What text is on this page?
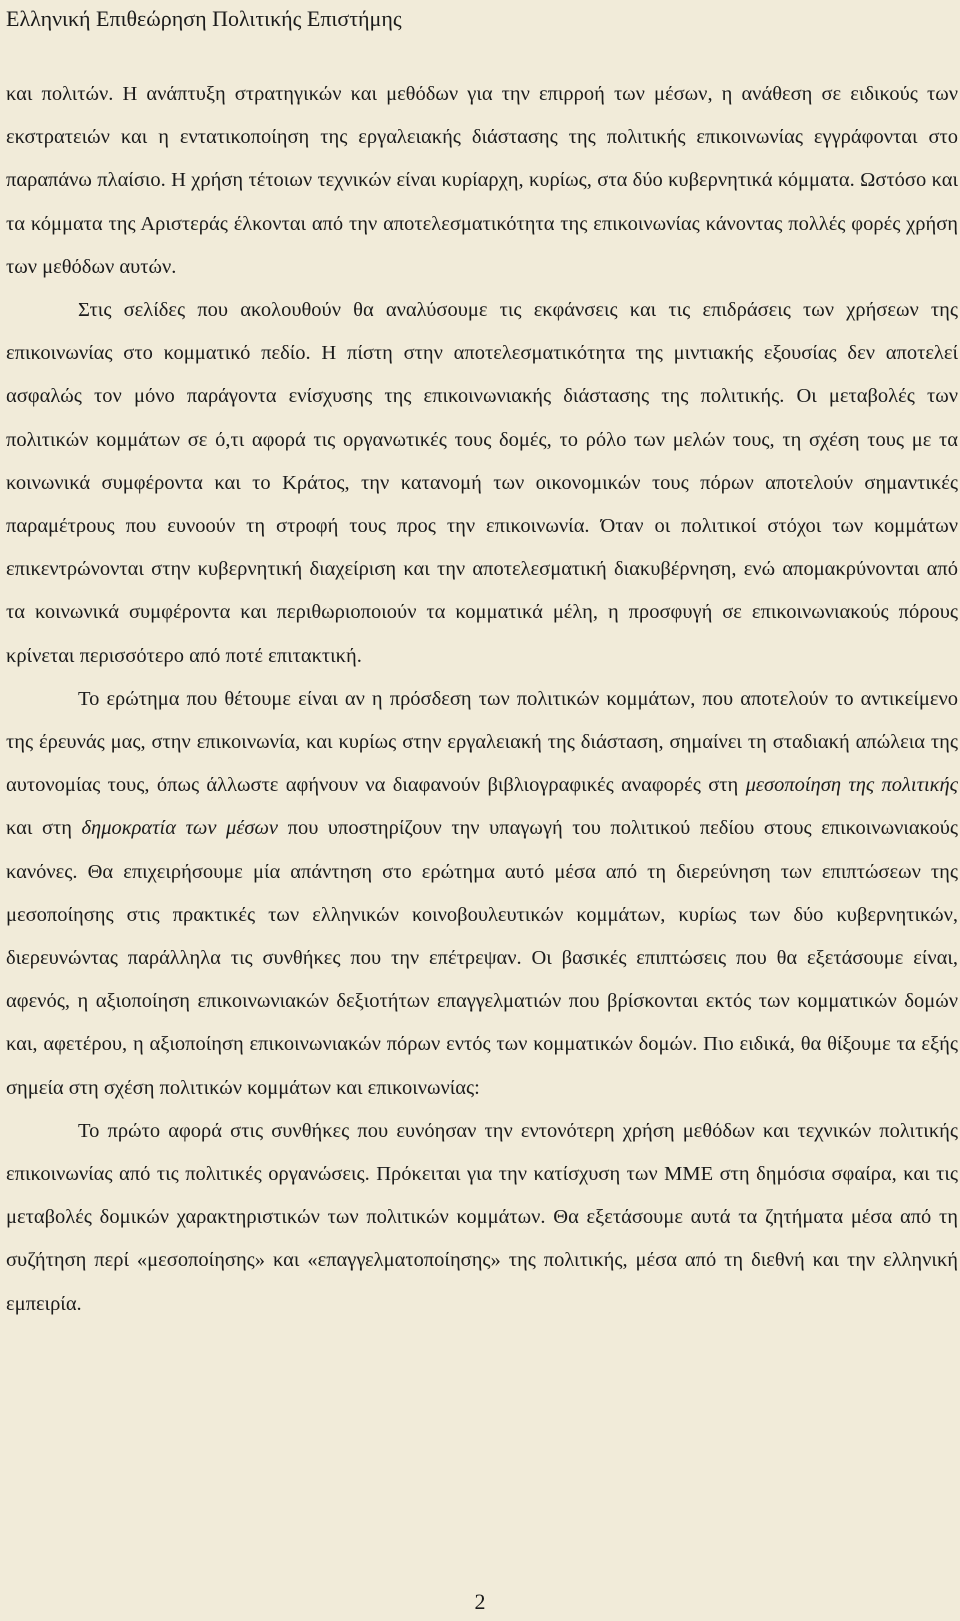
Ελληνική Επιθεώρηση Πολιτικής Επιστήμης

και πολιτών. Η ανάπτυξη στρατηγικών και μεθόδων για την επιρροή των μέσων, η ανάθεση σε ειδικούς των εκστρατειών και η εντατικοποίηση της εργαλειακής διάστασης της πολιτικής επικοινωνίας εγγράφονται στο παραπάνω πλαίσιο. Η χρήση τέτοιων τεχνικών είναι κυρίαρχη, κυρίως, στα δύο κυβερνητικά κόμματα. Ωστόσο και τα κόμματα της Αριστεράς έλκονται από την αποτελεσματικότητα της επικοινωνίας κάνοντας πολλές φορές χρήση των μεθόδων αυτών.

Στις σελίδες που ακολουθούν θα αναλύσουμε τις εκφάνσεις και τις επιδράσεις των χρήσεων της επικοινωνίας στο κομματικό πεδίο. Η πίστη στην αποτελεσματικότητα της μιντιακής εξουσίας δεν αποτελεί ασφαλώς τον μόνο παράγοντα ενίσχυσης της επικοινωνιακής διάστασης της πολιτικής. Οι μεταβολές των πολιτικών κομμάτων σε ό,τι αφορά τις οργανωτικές τους δομές, το ρόλο των μελών τους, τη σχέση τους με τα κοινωνικά συμφέροντα και το Κράτος, την κατανομή των οικονομικών τους πόρων αποτελούν σημαντικές παραμέτρους που ευνοούν τη στροφή τους προς την επικοινωνία. Όταν οι πολιτικοί στόχοι των κομμάτων επικεντρώνονται στην κυβερνητική διαχείριση και την αποτελεσματική διακυβέρνηση, ενώ απομακρύνονται από τα κοινωνικά συμφέροντα και περιθωριοποιούν τα κομματικά μέλη, η προσφυγή σε επικοινωνιακούς πόρους κρίνεται περισσότερο από ποτέ επιτακτική.

Το ερώτημα που θέτουμε είναι αν η πρόσδεση των πολιτικών κομμάτων, που αποτελούν το αντικείμενο της έρευνάς μας, στην επικοινωνία, και κυρίως στην εργαλειακή της διάσταση, σημαίνει τη σταδιακή απώλεια της αυτονομίας τους, όπως άλλωστε αφήνουν να διαφανούν βιβλιογραφικές αναφορές στη μεσοποίηση της πολιτικής και στη δημοκρατία των μέσων που υποστηρίζουν την υπαγωγή του πολιτικού πεδίου στους επικοινωνιακούς κανόνες. Θα επιχειρήσουμε μία απάντηση στο ερώτημα αυτό μέσα από τη διερεύνηση των επιπτώσεων της μεσοποίησης στις πρακτικές των ελληνικών κοινοβουλευτικών κομμάτων, κυρίως των δύο κυβερνητικών, διερευνώντας παράλληλα τις συνθήκες που την επέτρεψαν. Οι βασικές επιπτώσεις που θα εξετάσουμε είναι, αφενός, η αξιοποίηση επικοινωνιακών δεξιοτήτων επαγγελματιών που βρίσκονται εκτός των κομματικών δομών και, αφετέρου, η αξιοποίηση επικοινωνιακών πόρων εντός των κομματικών δομών. Πιο ειδικά, θα θίξουμε τα εξής σημεία στη σχέση πολιτικών κομμάτων και επικοινωνίας:

Το πρώτο αφορά στις συνθήκες που ευνόησαν την εντονότερη χρήση μεθόδων και τεχνικών πολιτικής επικοινωνίας από τις πολιτικές οργανώσεις. Πρόκειται για την κατίσχυση των ΜΜΕ στη δημόσια σφαίρα, και τις μεταβολές δομικών χαρακτηριστικών των πολιτικών κομμάτων. Θα εξετάσουμε αυτά τα ζητήματα μέσα από τη συζήτηση περί «μεσοποίησης» και «επαγγελματοποίησης» της πολιτικής, μέσα από τη διεθνή και την ελληνική εμπειρία.

2
